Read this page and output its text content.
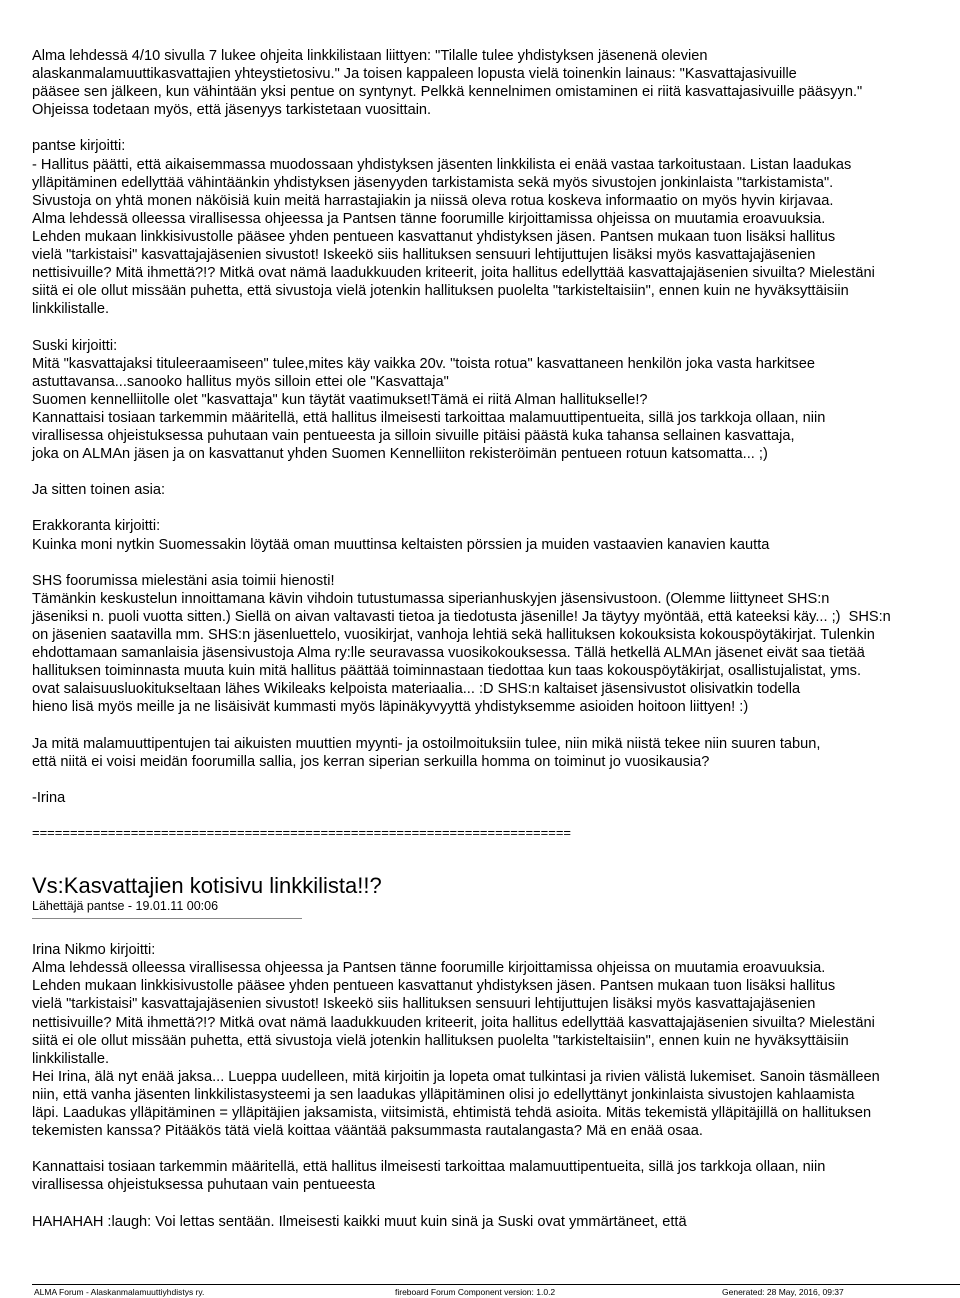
Alma lehdessä 4/10 sivulla 7 lukee ohjeita linkkilistaan liittyen: "Tilalle tulee yhdistyksen jäsenenä olevien
alaskanmalamuuttikasvattajien yhteystietosivu." Ja toisen kappaleen lopusta vielä toinenkin lainaus: "Kasvattajasivuille
pääsee sen jälkeen, kun vähintään yksi pentue on syntynyt. Pelkkä kennelnimen omistaminen ei riitä kasvattajasivuille pääsyyn."
Ohjeissa todetaan myös, että jäsenyys tarkistetaan vuosittain.
pantse kirjoitti:
- Hallitus päätti, että aikaisemmassa muodossaan yhdistyksen jäsenten linkkilista ei enää vastaa tarkoitustaan. Listan laadukas
ylläpitäminen edellyttää vähintäänkin yhdistyksen jäsenyyden tarkistamista sekä myös sivustojen jonkinlaista "tarkistamista".
Sivustoja on yhtä monen näköisiä kuin meitä harrastajiakin ja niissä oleva rotua koskeva informaatio on myös hyvin kirjavaa.
Alma lehdessä olleessa virallisessa ohjeessa ja Pantsen tänne foorumille kirjoittamissa ohjeissa on muutamia eroavuuksia.
Lehden mukaan linkkisivustolle pääsee yhden pentueen kasvattanut yhdistyksen jäsen. Pantsen mukaan tuon lisäksi hallitus
vielä "tarkistaisi" kasvattajajäsenien sivustot! Iskeekö siis hallituksen sensuuri lehtijuttujen lisäksi myös kasvattajajäsenien
nettisivuille? Mitä ihmettä?!? Mitkä ovat nämä laadukkuuden kriteerit, joita hallitus edellyttää kasvattajajäsenien sivuilta? Mielestäni
siitä ei ole ollut missään puhetta, että sivustoja vielä jotenkin hallituksen puolelta "tarkisteltaisiin", ennen kuin ne hyväksyttäisiin
linkkilistalle.
Suski kirjoitti:
Mitä "kasvattajaksi tituleeraamiseen" tulee,mites käy vaikka 20v. "toista rotua" kasvattaneen henkilön joka vasta harkitsee
astuttavansa...sanooko hallitus myös silloin ettei ole "Kasvattaja"
Suomen kennelliitolle olet "kasvattaja" kun täytät vaatimukset!Tämä ei riitä Alman hallitukselle!?
Kannattaisi tosiaan tarkemmin määritellä, että hallitus ilmeisesti tarkoittaa malamuuttipentueita, sillä jos tarkkoja ollaan, niin
virallisessa ohjeistuksessa puhutaan vain pentueesta ja silloin sivuille pitäisi päästä kuka tahansa sellainen kasvattaja,
joka on ALMAn jäsen ja on kasvattanut yhden Suomen Kennelliiton rekisteröimän pentueen rotuun katsomatta... ;)
Ja sitten toinen asia:
Erakkoranta kirjoitti:
Kuinka moni nytkin Suomessakin löytää oman muuttinsa keltaisten pörssien ja muiden vastaavien kanavien kautta
SHS foorumissa mielestäni asia toimii hienosti!
Tämänkin keskustelun innoittamana kävin vihdoin tutustumassa siperianhuskyjen jäsensivustoon. (Olemme liittyneet SHS:n
jäseniksi n. puoli vuotta sitten.) Siellä on aivan valtavasti tietoa ja tiedotusta jäsenille! Ja täytyy myöntää, että kateeksi käy... ;)  SHS:n
on jäsenien saatavilla mm. SHS:n jäsenluettelo, vuosikirjat, vanhoja lehtiä sekä hallituksen kokouksista kokouspöytäkirjat. Tulenkin
ehdottamaan samanlaisia jäsensivustoja Alma ry:lle seuravassa vuosikokouksessa. Tällä hetkellä ALMAn jäsenet eivät saa tietää
hallituksen toiminnasta muuta kuin mitä hallitus päättää toiminnastaan tiedottaa kun taas kokouspöytäkirjat, osallistujalistat, yms.
ovat salaisuusluokitukseltaan lähes Wikileaks kelpoista materiaalia... :D SHS:n kaltaiset jäsensivustot olisivatkin todella
hieno lisä myös meille ja ne lisäisivät kummasti myös läpinäkyvyyttä yhdistyksemme asioiden hoitoon liittyen! :)
Ja mitä malamuuttipentujen tai aikuisten muuttien myynti- ja ostoilmoituksiin tulee, niin mikä niistä tekee niin suuren tabun,
että niitä ei voisi meidän foorumilla sallia, jos kerran siperian serkuilla homma on toiminut jo vuosikausia?
-Irina
=======================================================================
Vs:Kasvattajien kotisivu linkkilista!!?
Lähettäjä pantse - 19.01.11 00:06
Irina Nikmo kirjoitti:
Alma lehdessä olleessa virallisessa ohjeessa ja Pantsen tänne foorumille kirjoittamissa ohjeissa on muutamia eroavuuksia.
Lehden mukaan linkkisivustolle pääsee yhden pentueen kasvattanut yhdistyksen jäsen. Pantsen mukaan tuon lisäksi hallitus
vielä "tarkistaisi" kasvattajajäsenien sivustot! Iskeekö siis hallituksen sensuuri lehtijuttujen lisäksi myös kasvattajajäsenien
nettisivuille? Mitä ihmettä?!? Mitkä ovat nämä laadukkuuden kriteerit, joita hallitus edellyttää kasvattajajäsenien sivuilta? Mielestäni
siitä ei ole ollut missään puhetta, että sivustoja vielä jotenkin hallituksen puolelta "tarkisteltaisiin", ennen kuin ne hyväksyttäisiin
linkkilistalle.
Hei Irina, älä nyt enää jaksa... Lueppa uudelleen, mitä kirjoitin ja lopeta omat tulkintasi ja rivien välistä lukemiset. Sanoin täsmälleen
niin, että vanha jäsenten linkkilistasysteemi ja sen laadukas ylläpitäminen olisi jo edellyttänyt jonkinlaista sivustojen kahlaamista
läpi. Laadukas ylläpitäminen = ylläpitäjien jaksamista, viitsimistä, ehtimistä tehdä asioita. Mitäs tekemistä ylläpitäjillä on hallituksen
tekemisten kanssa? Pitääkös tätä vielä koittaa vääntää paksummasta rautalangasta? Mä en enää osaa.
Kannattaisi tosiaan tarkemmin määritellä, että hallitus ilmeisesti tarkoittaa malamuuttipentueita, sillä jos tarkkoja ollaan, niin
virallisessa ohjeistuksessa puhutaan vain pentueesta
HAHAHAH :laugh: Voi lettas sentään. Ilmeisesti kaikki muut kuin sinä ja Suski ovat ymmärtäneet, että
ALMA Forum - Alaskanmalamuuttiyhdistys ry.	fireboard Forum Component version: 1.0.2	Generated: 28 May, 2016, 09:37
